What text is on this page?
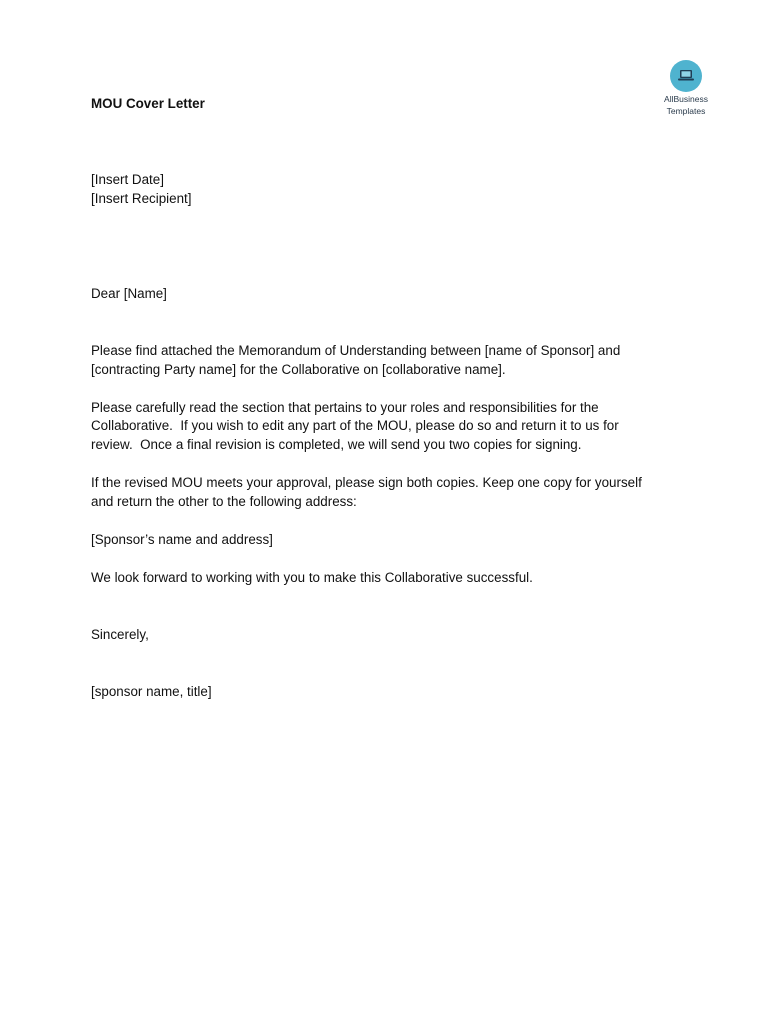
AllBusiness
Templates
MOU Cover Letter
[Insert Date]
[Insert Recipient]
Dear [Name]
Please find attached the Memorandum of Understanding between [name of Sponsor] and
[contracting Party name] for the Collaborative on [collaborative name].
Please carefully read the section that pertains to your roles and responsibilities for the
Collaborative.  If you wish to edit any part of the MOU, please do so and return it to us for
review.  Once a final revision is completed, we will send you two copies for signing.
If the revised MOU meets your approval, please sign both copies. Keep one copy for yourself
and return the other to the following address:
[Sponsor’s name and address]
We look forward to working with you to make this Collaborative successful.
Sincerely,
[sponsor name, title]
